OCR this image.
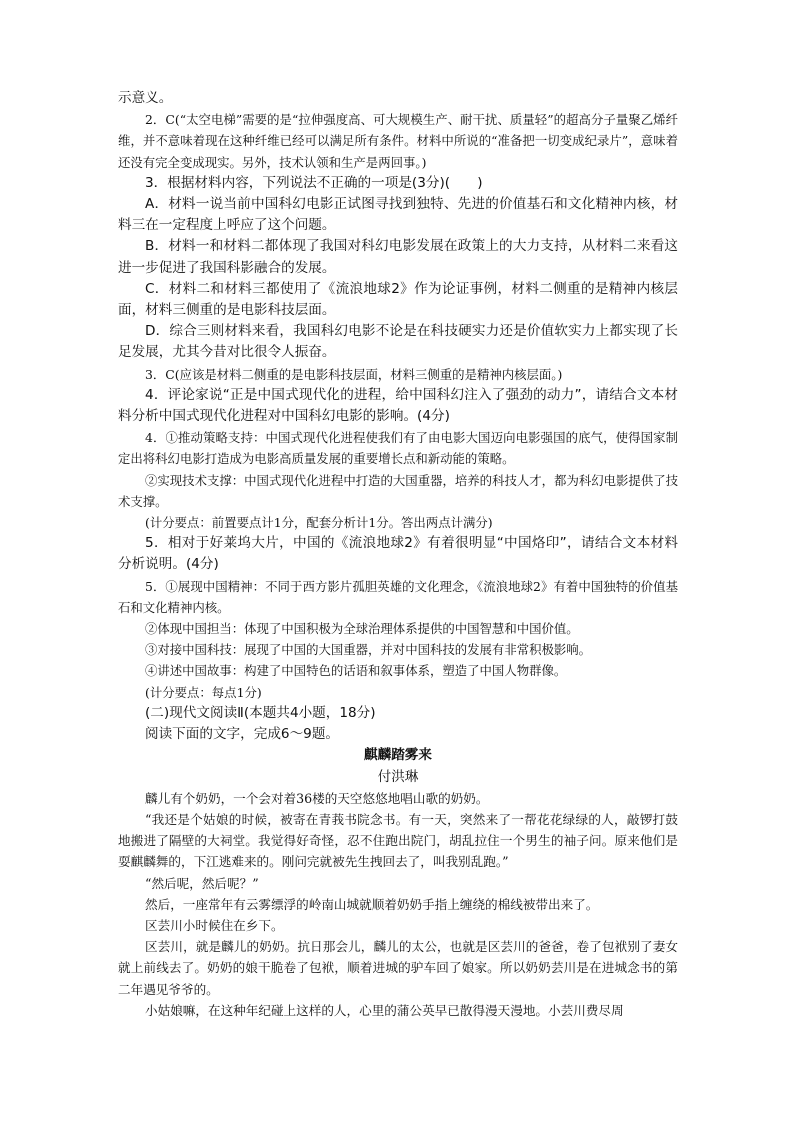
示意义。

2．C(“太空电梯”需要的是“拉伸强度高、可大规模生产、耐干扰、质量轻”的超高分子量聚乙烯纤维，并不意味着现在这种纤维已经可以满足所有条件。材料中所说的“准备把一切变成纪录片”，意味着还没有完全变成现实。另外，技术认领和生产是两回事。)

3．根据材料内容，下列说法不正确的一项是(3分)(　　)

A．材料一说当前中国科幻电影正试图寻找到独特、先进的价值基石和文化精神内核，材料三在一定程度上呼应了这个问题。

B．材料一和材料二都体现了我国对科幻电影发展在政策上的大力支持，从材料二来看这进一步促进了我国科影融合的发展。

C．材料二和材料三都使用了《流浪地球2》作为论证事例，材料二侧重的是精神内核层面，材料三侧重的是电影科技层面。

D．综合三则材料来看，我国科幻电影不论是在科技硬实力还是价值软实力上都实现了长足发展，尤其今昔对比很令人振奋。

3．C(应该是材料二侧重的是电影科技层面，材料三侧重的是精神内核层面。)

4．评论家说“正是中国式现代化的进程，给中国科幻注入了强劲的动力”，请结合文本材料分析中国式现代化进程对中国科幻电影的影响。(4分)

4．①推动策略支持：中国式现代化进程使我们有了由电影大国迈向电影强国的底气，使得国家制定出将科幻电影打造成为电影高质量发展的重要增长点和新动能的策略。

②实现技术支撑：中国式现代化进程中打造的大国重器，培养的科技人才，都为科幻电影提供了技术支撑。

(计分要点：前置要点计1分，配套分析计1分。答出两点计满分)

5．相对于好莱坞大片，中国的《流浪地球2》有着很明显“中国烙印”，请结合文本材料分析说明。(4分)

5．①展现中国精神：不同于西方影片孤胆英雄的文化理念，《流浪地球2》有着中国独特的价值基石和文化精神内核。

②体现中国担当：体现了中国积极为全球治理体系提供的中国智慧和中国价值。

③对接中国科技：展现了中国的大国重器，并对中国科技的发展有非常积极影响。

④讲述中国故事：构建了中国特色的话语和叙事体系，塑造了中国人物群像。

(计分要点：每点1分)

(二)现代文阅读Ⅱ(本题共4小题，18分)

阅读下面的文字，完成6～9题。

麒麟踏雾来

付洪琳

麟儿有个奶奶，一个会对着36楼的天空悠悠地唱山歌的奶奶。

“我还是个姑娘的时候，被寄在青莪书院念书。有一天，突然来了一帮花花绿绿的人，敲锣打鼓地搬进了隔壁的大祠堂。我觉得好奇怪，忍不住跑出院门，胡乱拉住一个男生的袖子问。原来他们是耍麒麟舞的，下江逃难来的。刚问完就被先生拽回去了，叫我别乱跑。”

“然后呢，然后呢？”

然后，一座常年有云雾缥浮的岭南山城就顺着奶奶手指上缠绕的棉线被带出来了。

区芸川小时候住在乡下。

区芸川，就是麟儿的奶奶。抗日那会儿，麟儿的太公，也就是区芸川的爸爸，卷了包袱别了妻女就上前线去了。奶奶的娘干脆卷了包袱，顺着进城的驴车回了娘家。所以奶奶芸川是在进城念书的第二年遇见爷爷的。

小姑娘嘛，在这种年纪碰上这样的人，心里的蒲公英早已散得漫天漫地。小芸川费尽周
